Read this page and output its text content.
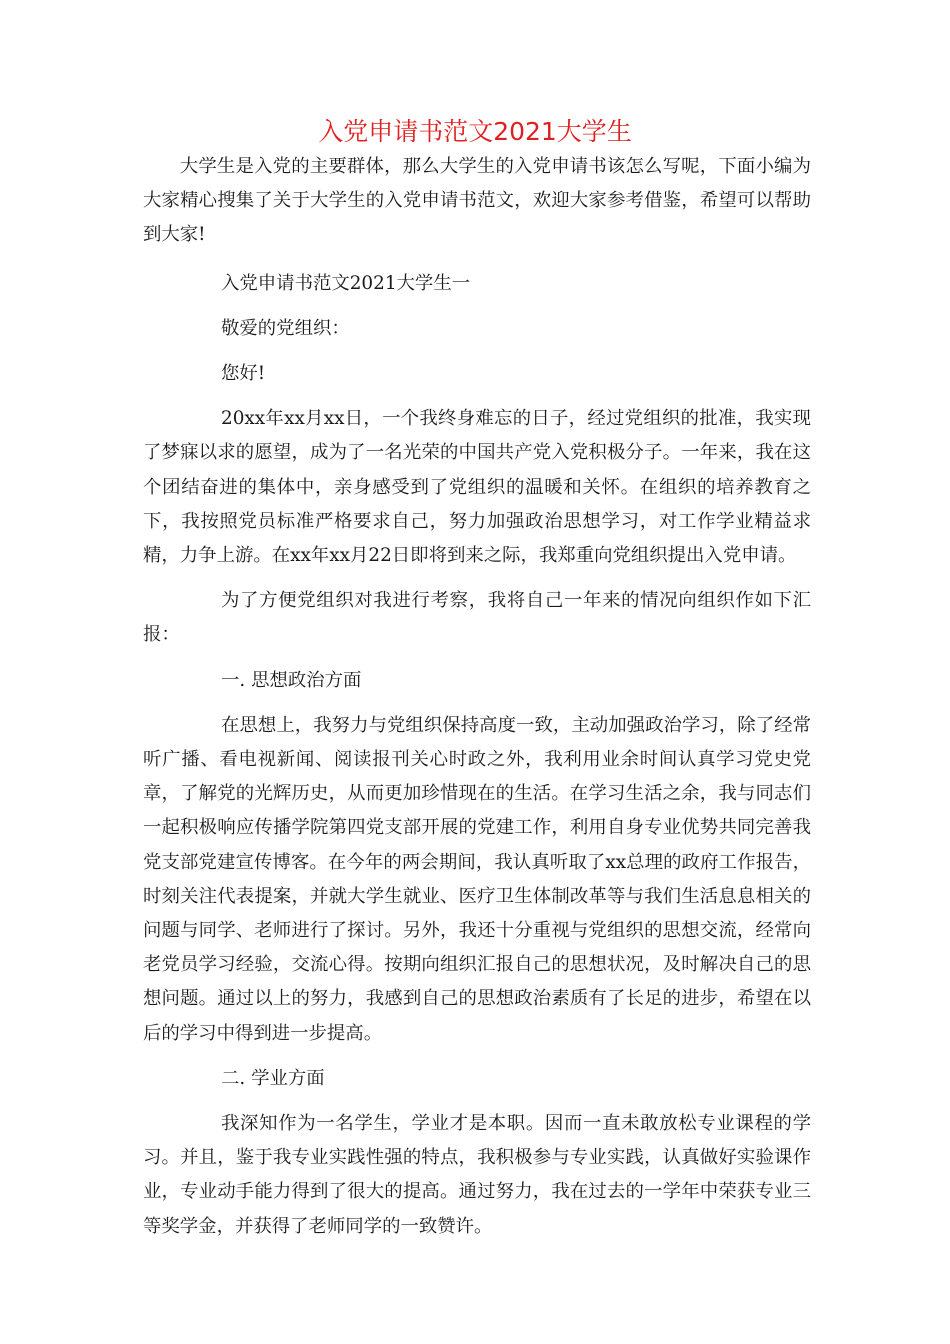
入党申请书范文2021大学生

大学生是入党的主要群体，那么大学生的入党申请书该怎么写呢，下面小编为大家精心搜集了关于大学生的入党申请书范文，欢迎大家参考借鉴，希望可以帮助到大家!

入党申请书范文2021大学生一

敬爱的党组织：

您好!

20xx年xx月xx日，一个我终身难忘的日子，经过党组织的批准，我实现了梦寐以求的愿望，成为了一名光荣的中国共产党入党积极分子。一年来，我在这个团结奋进的集体中，亲身感受到了党组织的温暖和关怀。在组织的培养教育之下，我按照党员标准严格要求自己，努力加强政治思想学习，对工作学业精益求精，力争上游。在xx年xx月22日即将到来之际，我郑重向党组织提出入党申请。

为了方便党组织对我进行考察，我将自己一年来的情况向组织作如下汇报：

一. 思想政治方面

在思想上，我努力与党组织保持高度一致，主动加强政治学习，除了经常听广播、看电视新闻、阅读报刊关心时政之外，我利用业余时间认真学习党史党章，了解党的光辉历史，从而更加珍惜现在的生活。在学习生活之余，我与同志们一起积极响应传播学院第四党支部开展的党建工作，利用自身专业优势共同完善我党支部党建宣传博客。在今年的两会期间，我认真听取了xx总理的政府工作报告，时刻关注代表提案，并就大学生就业、医疗卫生体制改革等与我们生活息息相关的问题与同学、老师进行了探讨。另外，我还十分重视与党组织的思想交流，经常向老党员学习经验，交流心得。按期向组织汇报自己的思想状况，及时解决自己的思想问题。通过以上的努力，我感到自己的思想政治素质有了长足的进步，希望在以后的学习中得到进一步提高。

二. 学业方面

我深知作为一名学生，学业才是本职。因而一直未敢放松专业课程的学习。并且，鉴于我专业实践性强的特点，我积极参与专业实践，认真做好实验课作业，专业动手能力得到了很大的提高。通过努力，我在过去的一学年中荣获专业三等奖学金，并获得了老师同学的一致赞许。
